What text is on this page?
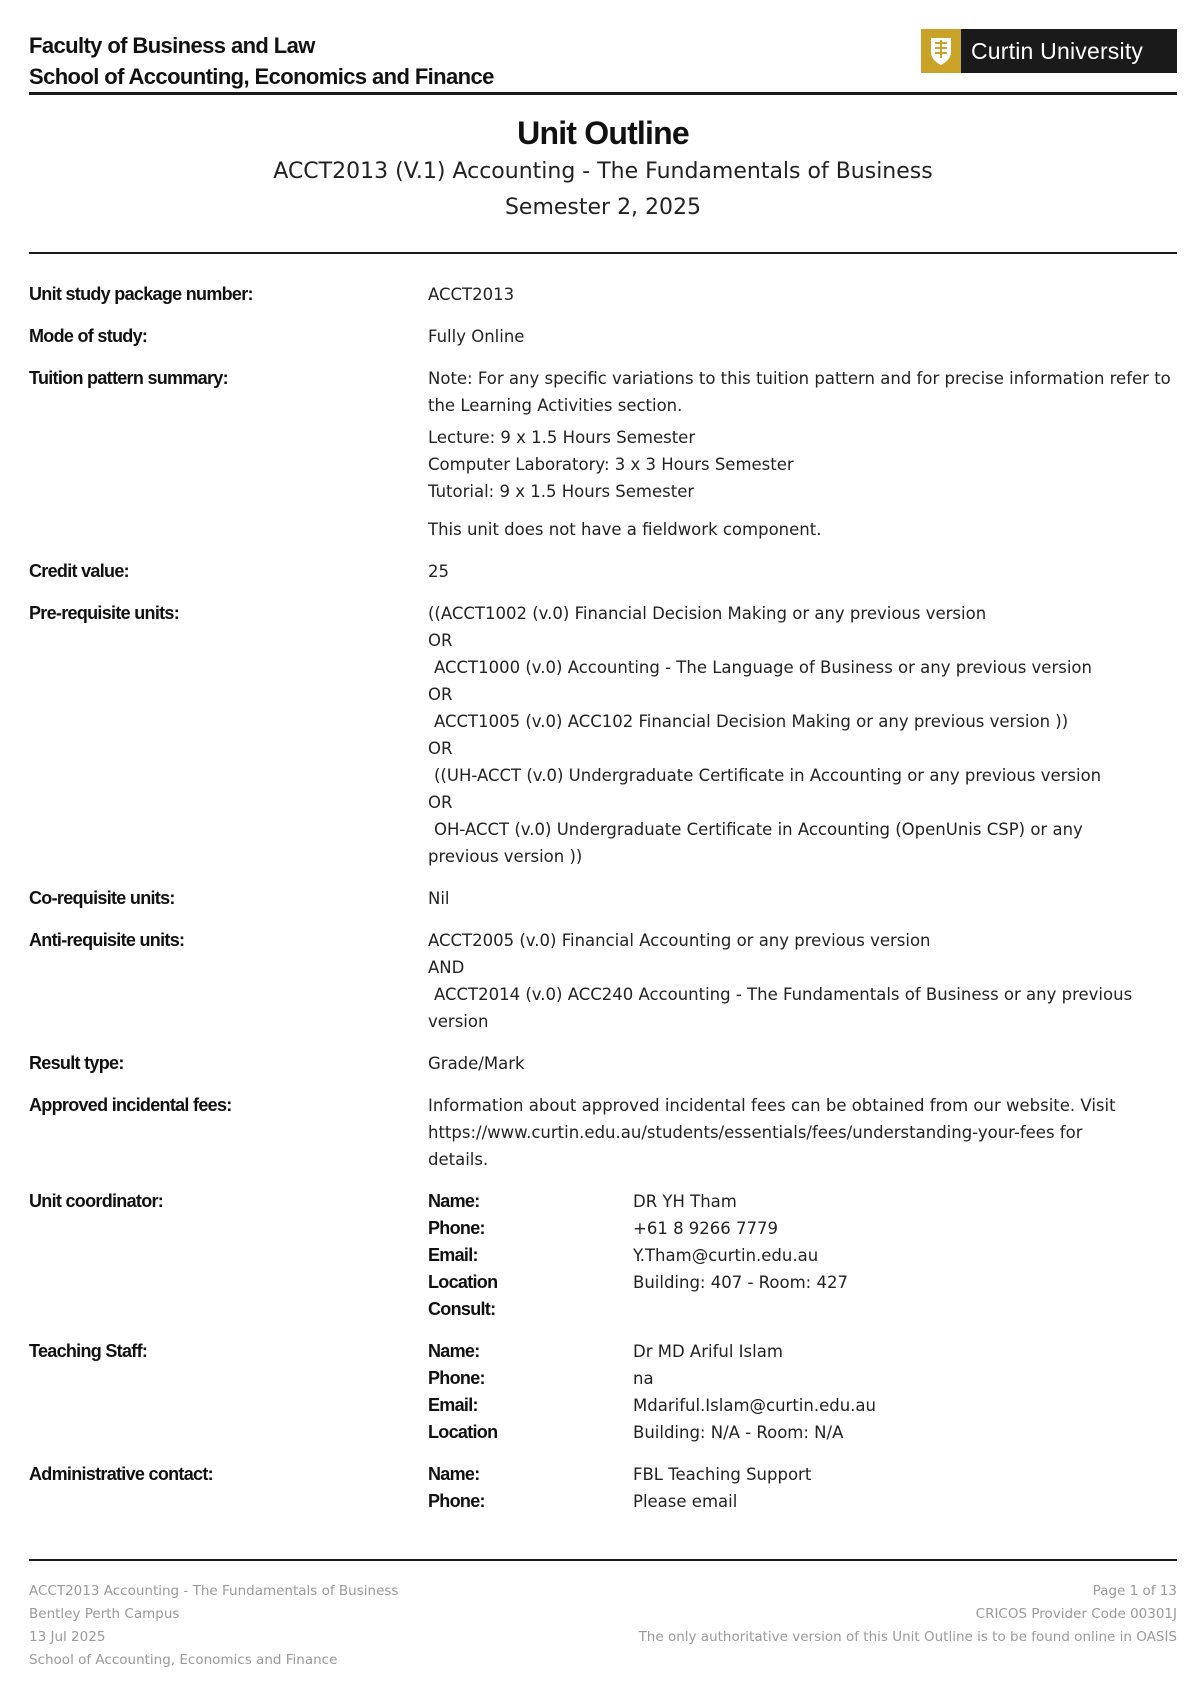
Faculty of Business and Law
School of Accounting, Economics and Finance
Curtin University
Unit Outline
ACCT2013 (V.1) Accounting - The Fundamentals of Business
Semester 2, 2025
Unit study package number:	ACCT2013
Mode of study:	Fully Online
Tuition pattern summary:	Note: For any specific variations to this tuition pattern and for precise information refer to the Learning Activities section.

Lecture: 9 x 1.5 Hours Semester

Computer Laboratory: 3 x 3 Hours Semester

Tutorial: 9 x 1.5 Hours Semester

This unit does not have a fieldwork component.

Credit value:	25
Pre-requisite units:	((ACCT1002 (v.0) Financial Decision Making or any previous version

OR

ACCT1000 (v.0) Accounting - The Language of Business or any previous version

OR

ACCT1005 (v.0) ACC102 Financial Decision Making or any previous version ))

OR

((UH-ACCT (v.0) Undergraduate Certificate in Accounting or any previous version

OR

OH-ACCT (v.0) Undergraduate Certificate in Accounting (OpenUnis CSP) or any

previous version ))

Co-requisite units:	Nil
Anti-requisite units:	ACCT2005 (v.0) Financial Accounting or any previous version

AND

ACCT2014 (v.0) ACC240 Accounting - The Fundamentals of Business or any previous

version

Result type:	Grade/Mark
Approved incidental fees:	Information about approved incidental fees can be obtained from our website. Visit

https://www.curtin.edu.au/students/essentials/fees/understanding-your-fees for

details.

Unit coordinator:	Name:	DR YH Tham
Phone:	+61 8 9266 7779
Email:	Y.Tham@curtin.edu.au
Location	Building: 407 - Room: 427
Consult:
Teaching Staff:	Name:	Dr MD Ariful Islam
Phone:	na
Email:	Mdariful.Islam@curtin.edu.au
Location	Building: N/A - Room: N/A
Administrative contact:	Name:	FBL Teaching Support
Phone:	Please email
ACCT2013 Accounting - The Fundamentals of Business
Bentley Perth Campus
13 Jul 2025
School of Accounting, Economics and Finance
Page 1 of 13
CRICOS Provider Code 00301J
The only authoritative version of this Unit Outline is to be found online in OASIS
